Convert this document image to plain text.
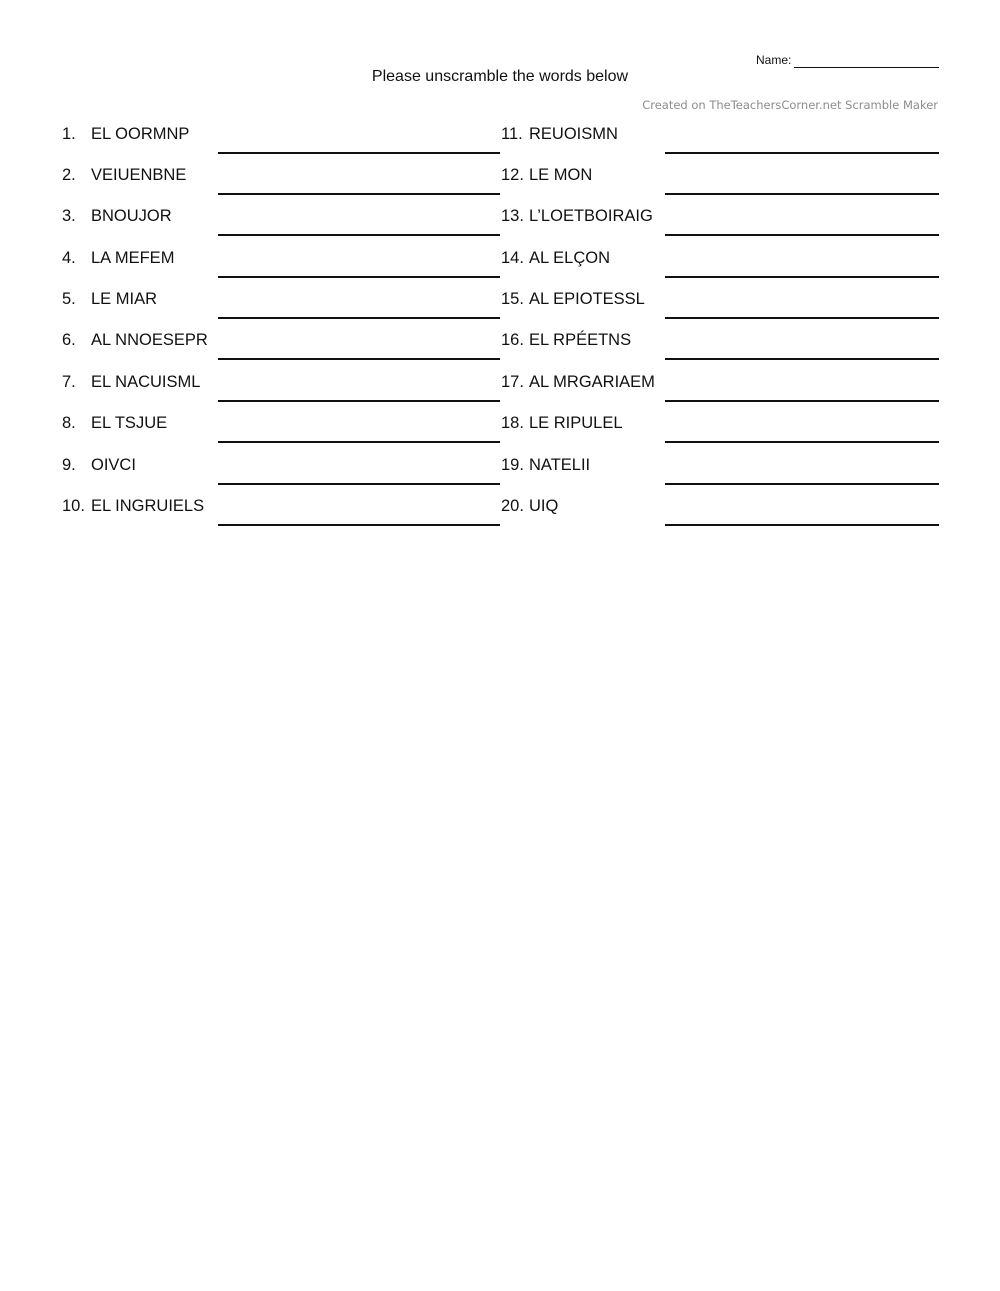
Name:
Please unscramble the words below
Created on TheTeachersCorner.net Scramble Maker
1. EL OORMNP
2. VEIUENBNE
3. BNOUJOR
4. LA MEFEM
5. LE MIAR
6. AL NNOESEPR
7. EL NACUISML
8. EL TSJUE
9. OIVCI
10. EL INGRUIELS
11. REUOISMN
12. LE MON
13. L’LOETBOIRAIG
14. AL ELÇON
15. AL EPIOTESSL
16. EL RPÉETNS
17. AL MRGARIAEM
18. LE RIPULEL
19. NATELII
20. UIQ
